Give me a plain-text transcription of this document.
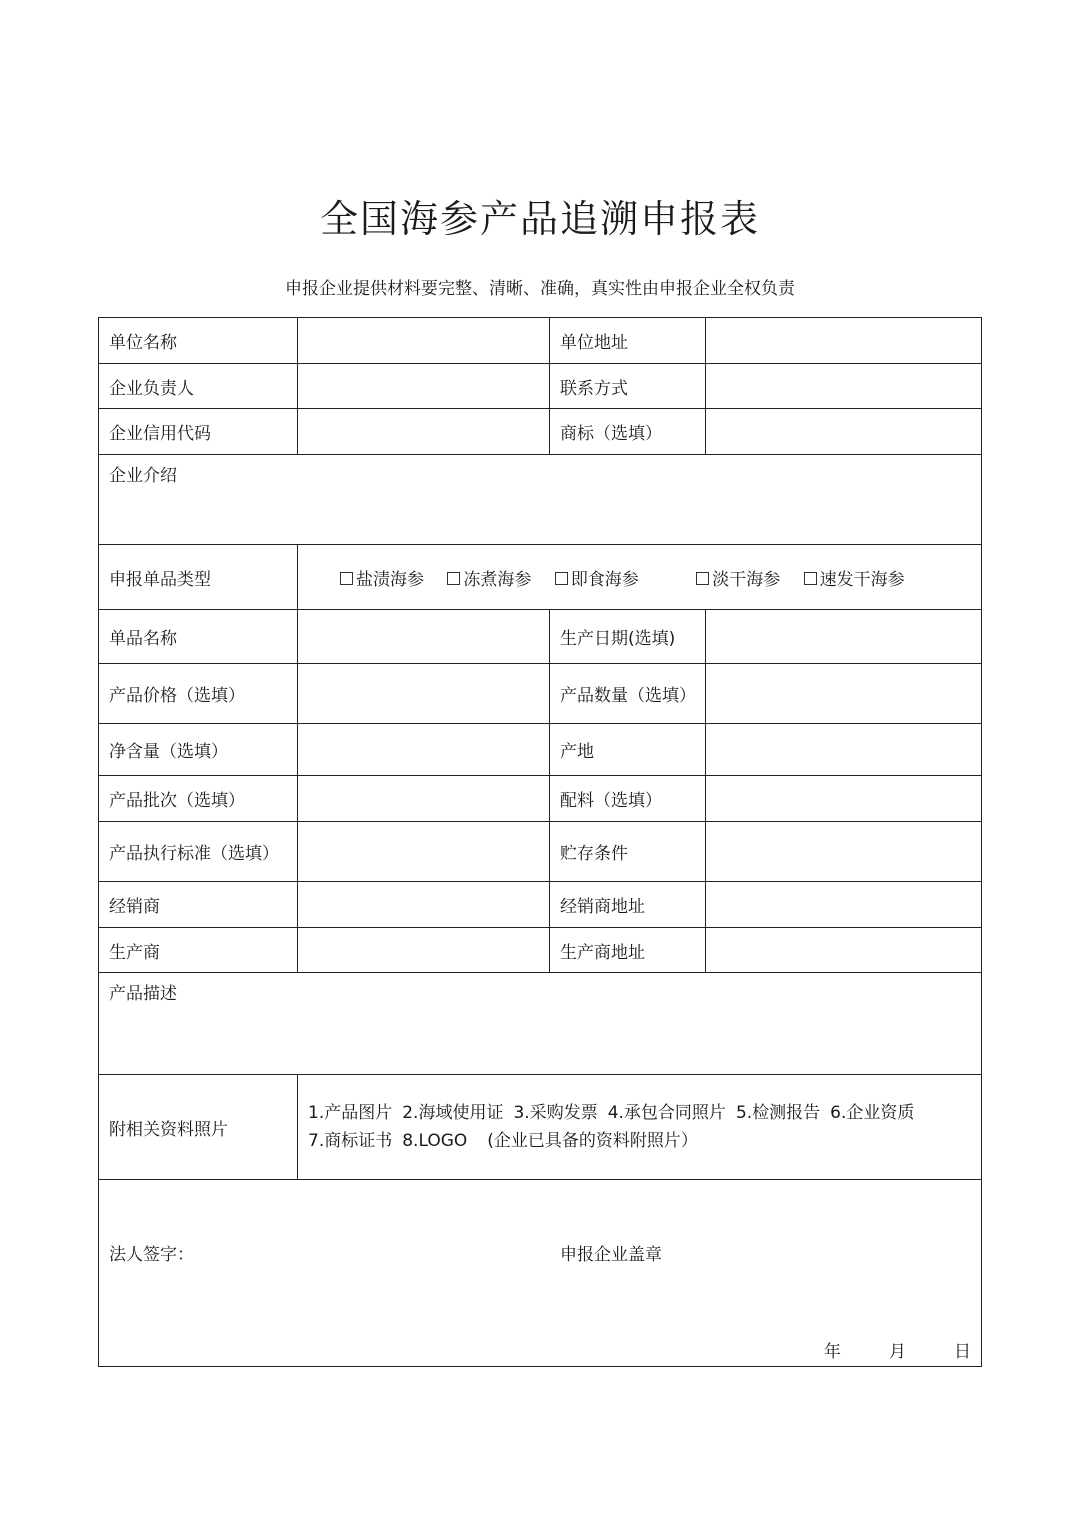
全国海参产品追溯申报表
申报企业提供材料要完整、清晰、准确，真实性由申报企业全权负责
单位名称		单位地址	
企业负责人		联系方式	
企业信用代码		商标（选填）	
企业介绍			
申报单品类型	盐渍海参 冻煮海参 即食海参 淡干海参 速发干海参		
单品名称		生产日期(选填)	
产品价格（选填）		产品数量（选填）	
净含量（选填）		产地	
产品批次（选填）		配料（选填）	
产品执行标准（选填）		贮存条件	
经销商		经销商地址	
生产商		生产商地址	
产品描述			
附相关资料照片	1.产品图片 2.海域使用证 3.采购发票 4.承包合同照片 5.检测报告 6.企业资质
7.商标证书 8.LOGO (企业已具备的资料附照片）		

法人签字： 申报企业盖章
年 月 日			
